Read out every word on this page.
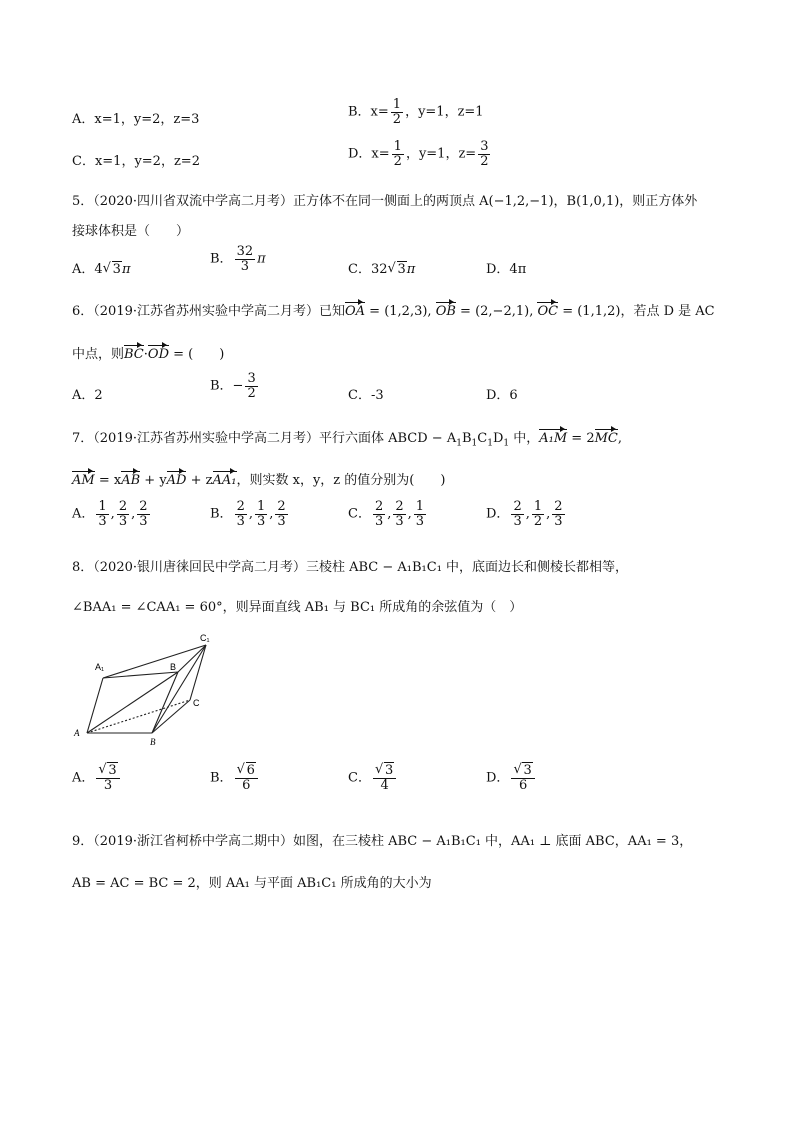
A．x=1，y=2，z=3	B．$x= \frac{1}{2}$ ，y=1，z=1
C．x=1，y=2，z=2	D．$x= \frac{1}{2}$ ，y=1，$z= \frac{3}{2}$
5．（2020·四川省双流中学高二月考）正方体不在同一侧面上的两顶点 A(−1,2,−1)，B(1,0,1)，则正方体外
接球体积是（　　）
A．4 √ 3π
B． $\frac{32}{3}$ π
C．32 √ 3π	D．4π
6．（2019·江苏省苏州实验中学高二月考）已知OA = (1,2,3), OB = (2,−2,1), OC = (1,1,2)，若点 D 是 AC
中点，则BC·OD = (　　)
A．2
B．− $\frac{3}{2}$	C．-3	D．6
7．（2019·江苏省苏州实验中学高二月考）平行六面体 ABCD − $A_1B_1C_1D_1$ 中，A₁M = 2MC,
AM = xAB + yAD + zAA₁，则实数 x，y，z 的值分别为(　　)
A． $\frac{1}{3}$ , $\frac{2}{3}$ , $\frac{2}{3}$	B． $\frac{2}{3}$ , $\frac{1}{3}$ , $\frac{2}{3}$	C． $\frac{2}{3}$ , $\frac{2}{3}$ , $\frac{1}{3}$	D． $\frac{2}{3}$ , $\frac{1}{2}$ , $\frac{2}{3}$
8．（2020·银川唐徕回民中学高二月考）三棱柱 ABC − A₁B₁C₁ 中，底面边长和侧棱长都相等，
∠BAA₁ = ∠CAA₁ = 60°，则异面直线 AB₁ 与 BC₁ 所成角的余弦值为（　）
A₁	B
C₁
C
A
B
A． √ $\frac{3}{3}$	B． √ $\frac{6}{6}$	C． √ $\frac{3}{4}$	D． √ $\frac{3}{6}$
9．（2019·浙江省柯桥中学高二期中）如图，在三棱柱 ABC − A₁B₁C₁ 中，AA₁ ⊥ 底面 ABC，AA₁ = 3，
AB = AC = BC = 2，则 AA₁ 与平面 AB₁C₁ 所成角的大小为
